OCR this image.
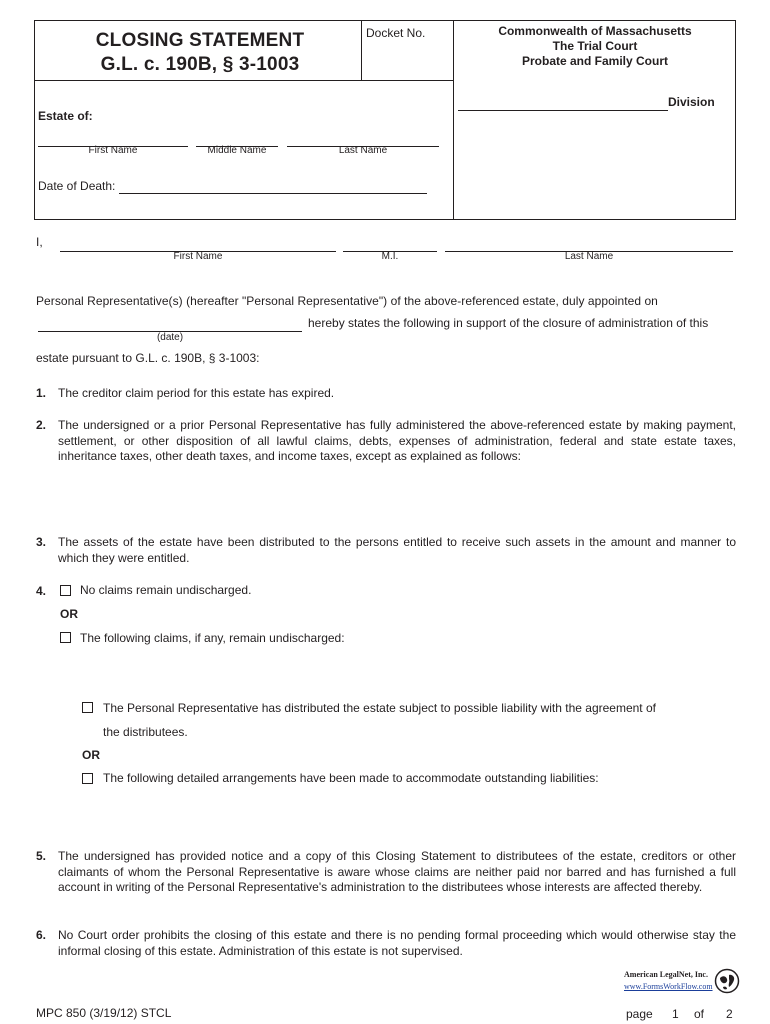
CLOSING STATEMENT
G.L. c. 190B, § 3-1003
Docket No.	Commonwealth of Massachusetts
The Trial Court
Probate and Family Court
Division
Estate of:
First Name	Middle Name	Last Name
Date of Death:
I,
First Name	M.I.	Last Name
Personal Representative(s) (hereafter "Personal Representative") of the above-referenced estate, duly appointed on
(date)
hereby states the following in support of the closure of administration of this
estate pursuant to G.L. c. 190B, § 3-1003:
1. The creditor claim period for this estate has expired.
2. The undersigned or a prior Personal Representative has fully administered the above-referenced estate by making payment, settlement, or other disposition of all lawful claims, debts, expenses of administration, federal and state estate taxes, inheritance taxes, other death taxes, and income taxes, except as explained as follows:
3. The assets of the estate have been distributed to the persons entitled to receive such assets in the amount and manner to which they were entitled.
4.	No claims remain undischarged.
OR
The following claims, if any, remain undischarged:
The Personal Representative has distributed the estate subject to possible liability with the agreement of
the distributees.
OR
The following detailed arrangements have been made to accommodate outstanding liabilities:
5. The undersigned has provided notice and a copy of this Closing Statement to distributees of the estate, creditors or other claimants of whom the Personal Representative is aware whose claims are neither paid nor barred and has furnished a full account in writing of the Personal Representative's administration to the distributees whose interests are affected thereby.
6. No Court order prohibits the closing of this estate and there is no pending formal proceeding which would otherwise stay the informal closing of this estate. Administration of this estate is not supervised.
American LegalNet, Inc.
www.FormsWorkFlow.com
MPC 850 (3/19/12) STCL	page 1 of 2
